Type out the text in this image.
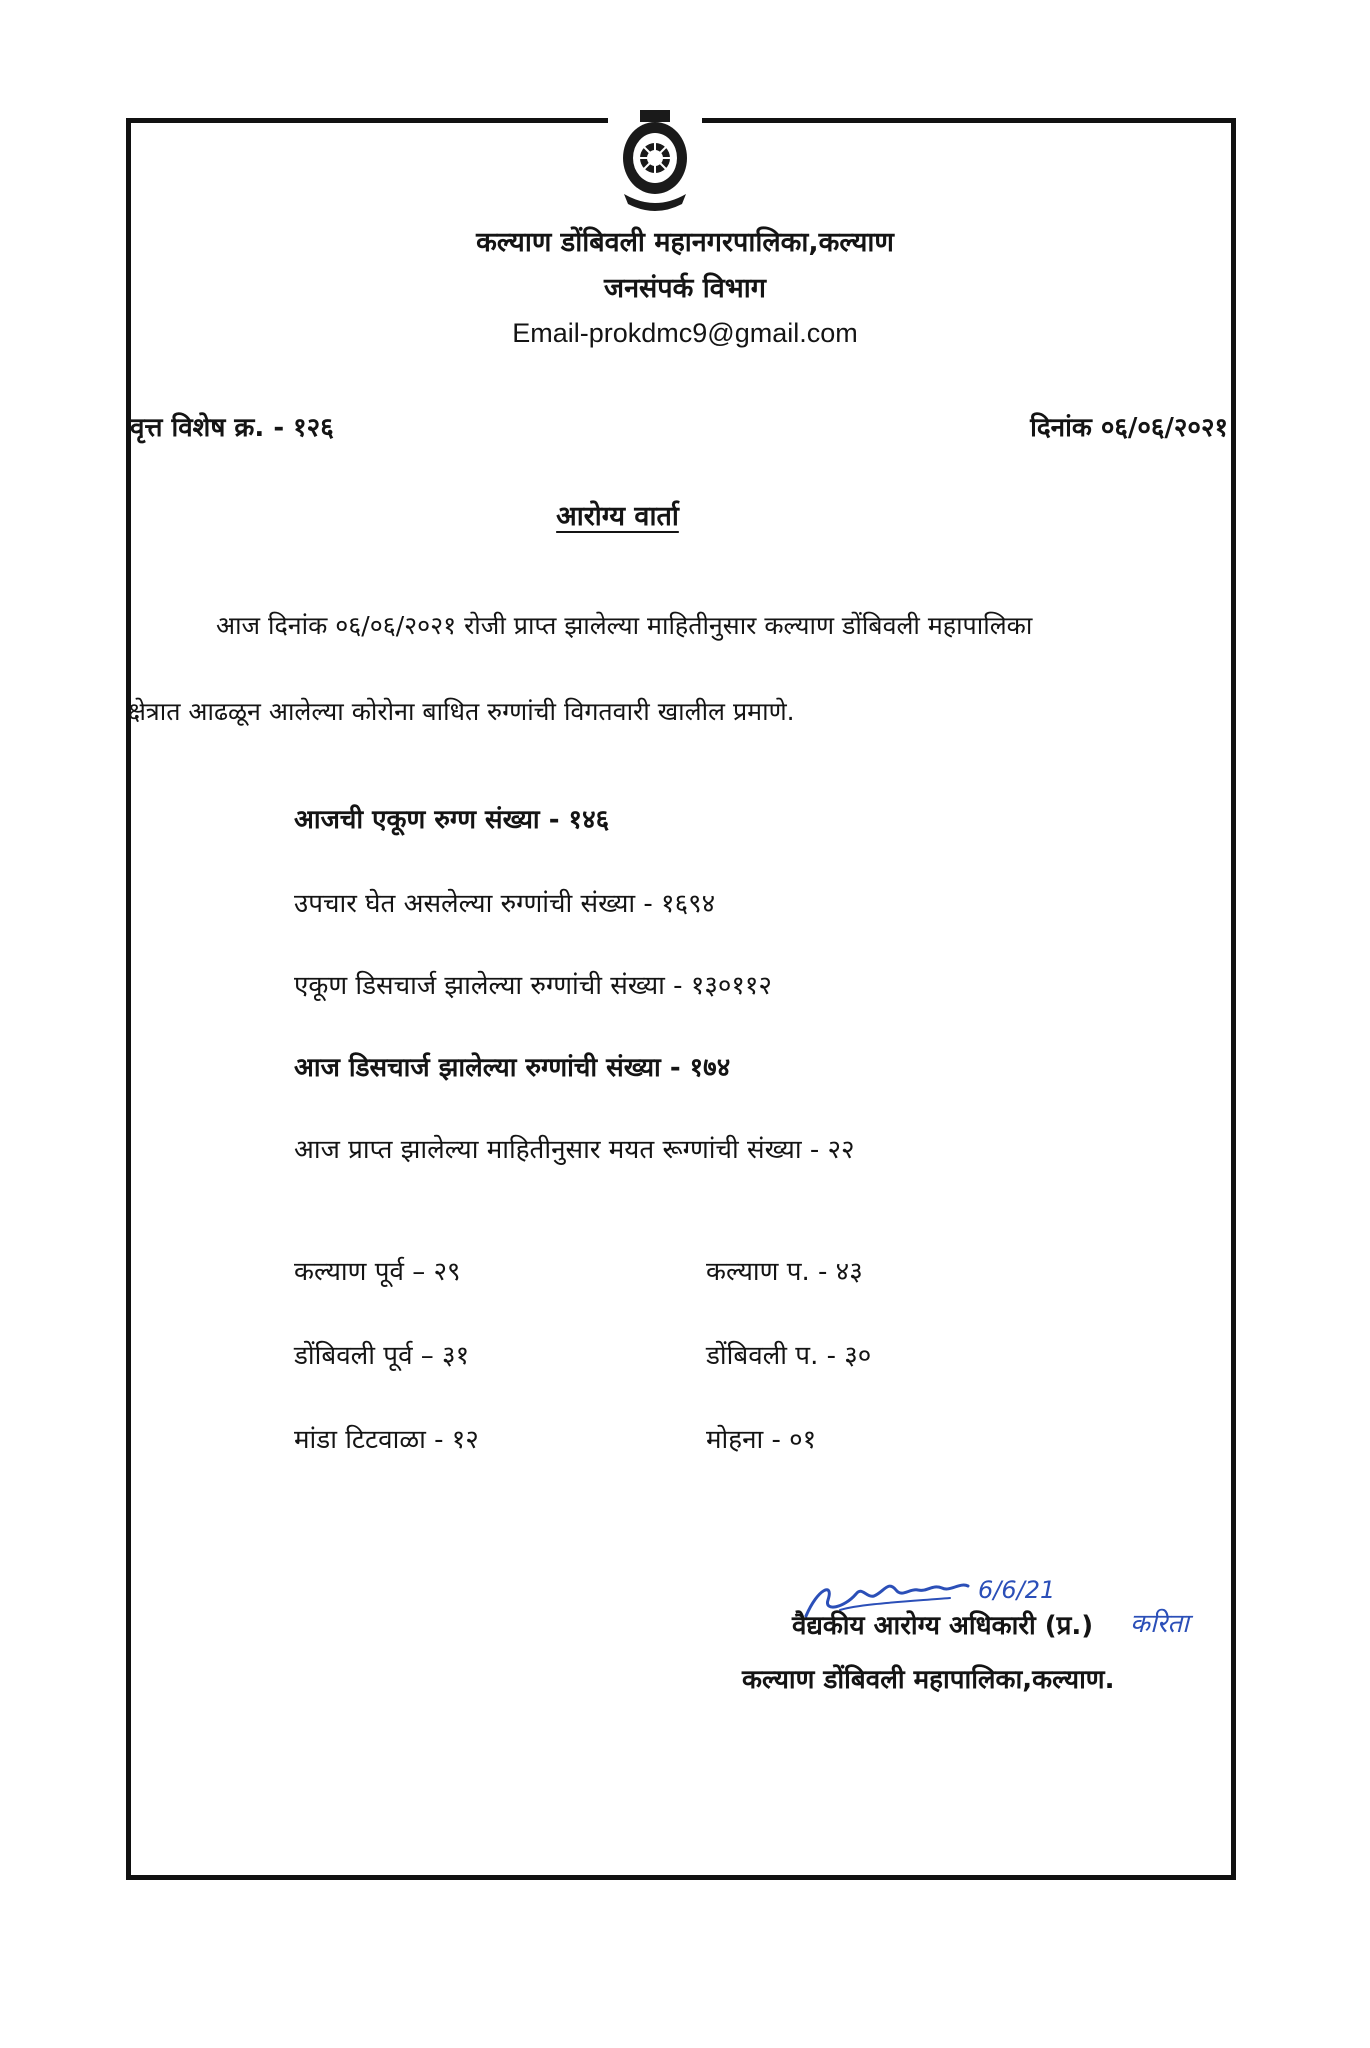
कल्याण डोंबिवली महानगरपालिका,कल्याण
जनसंपर्क विभाग
Email-prokdmc9@gmail.com
वृत्त विशेष क्र. - १२६	दिनांक ०६/०६/२०२१
आरोग्य वार्ता
आज दिनांक ०६/०६/२०२१ रोजी प्राप्त झालेल्या माहितीनुसार कल्याण डोंबिवली महापालिका
क्षेत्रात आढळून आलेल्या कोरोना बाधित रुग्णांची विगतवारी खालील प्रमाणे.
आजची एकूण रुग्ण संख्या - १४६
उपचार घेत असलेल्या रुग्णांची संख्या - १६९४
एकूण डिसचार्ज झालेल्या रुग्णांची संख्या - १३०११२
आज डिसचार्ज झालेल्या रुग्णांची संख्या - १७४
आज प्राप्त झालेल्या माहितीनुसार मयत रूग्णांची संख्या - २२
कल्याण पूर्व – २९	कल्याण प. - ४३
डोंबिवली पूर्व – ३१	डोंबिवली प. - ३०
मांडा टिटवाळा - १२	मोहना - ०१
6/6/21
वैद्यकीय आरोग्य अधिकारी (प्र.) करिता
कल्याण डोंबिवली महापालिका,कल्याण.
